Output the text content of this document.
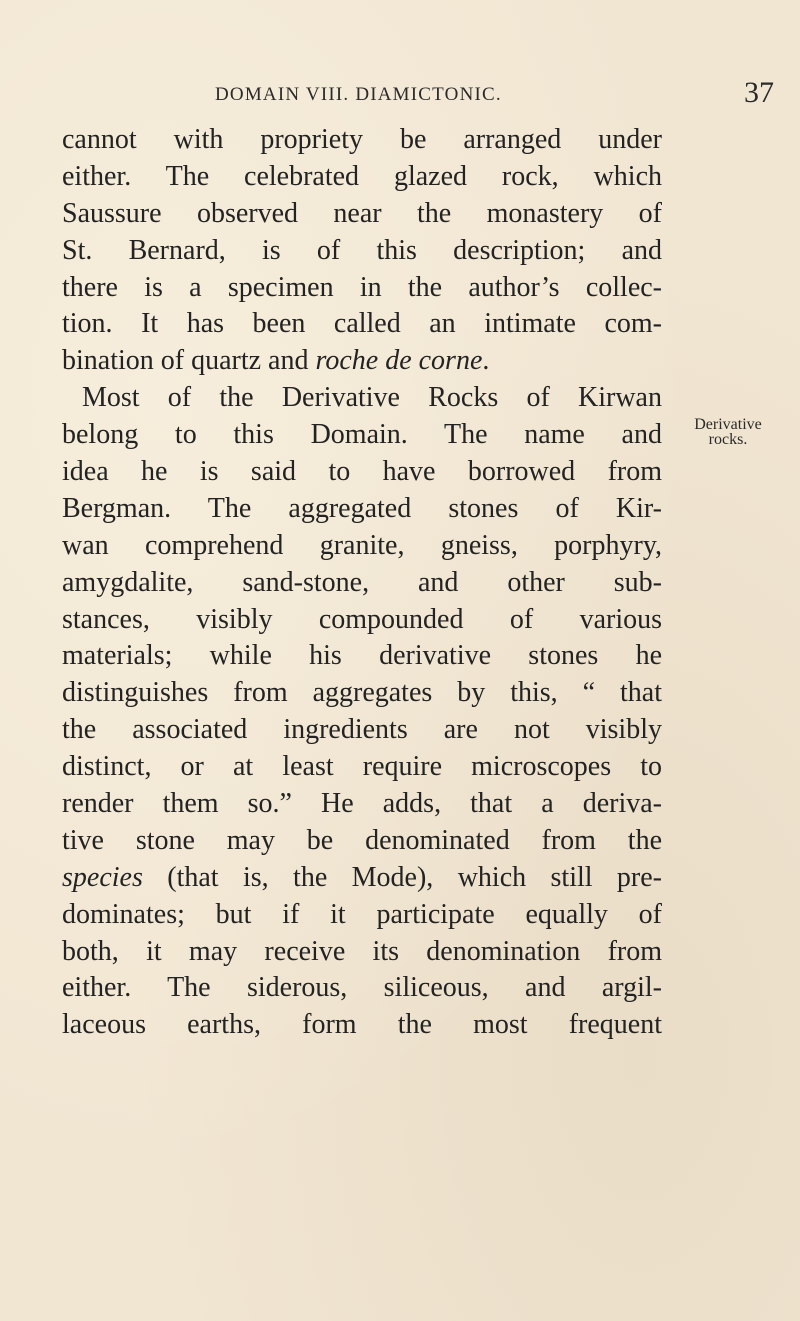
DOMAIN VIII. DIAMICTONIC.	37
cannot with propriety be arranged under
either. The celebrated glazed rock, which
Saussure observed near the monastery of
St. Bernard, is of this description; and
there is a specimen in the author’s collec-
tion. It has been called an intimate com-
bination of quartz and roche de corne.
Most of the Derivative Rocks of Kirwan
belong to this Domain. The name and
idea he is said to have borrowed from
Bergman. The aggregated stones of Kir-
wan comprehend granite, gneiss, porphyry,
amygdalite, sand-stone, and other sub-
stances, visibly compounded of various
materials; while his derivative stones he
distinguishes from aggregates by this, “ that
the associated ingredients are not visibly
distinct, or at least require microscopes to
render them so.” He adds, that a deriva-
tive stone may be denominated from the
species (that is, the Mode), which still pre-
dominates; but if it participate equally of
both, it may receive its denomination from
either. The siderous, siliceous, and argil-
laceous earths, form the most frequent
Derivative
rocks.
